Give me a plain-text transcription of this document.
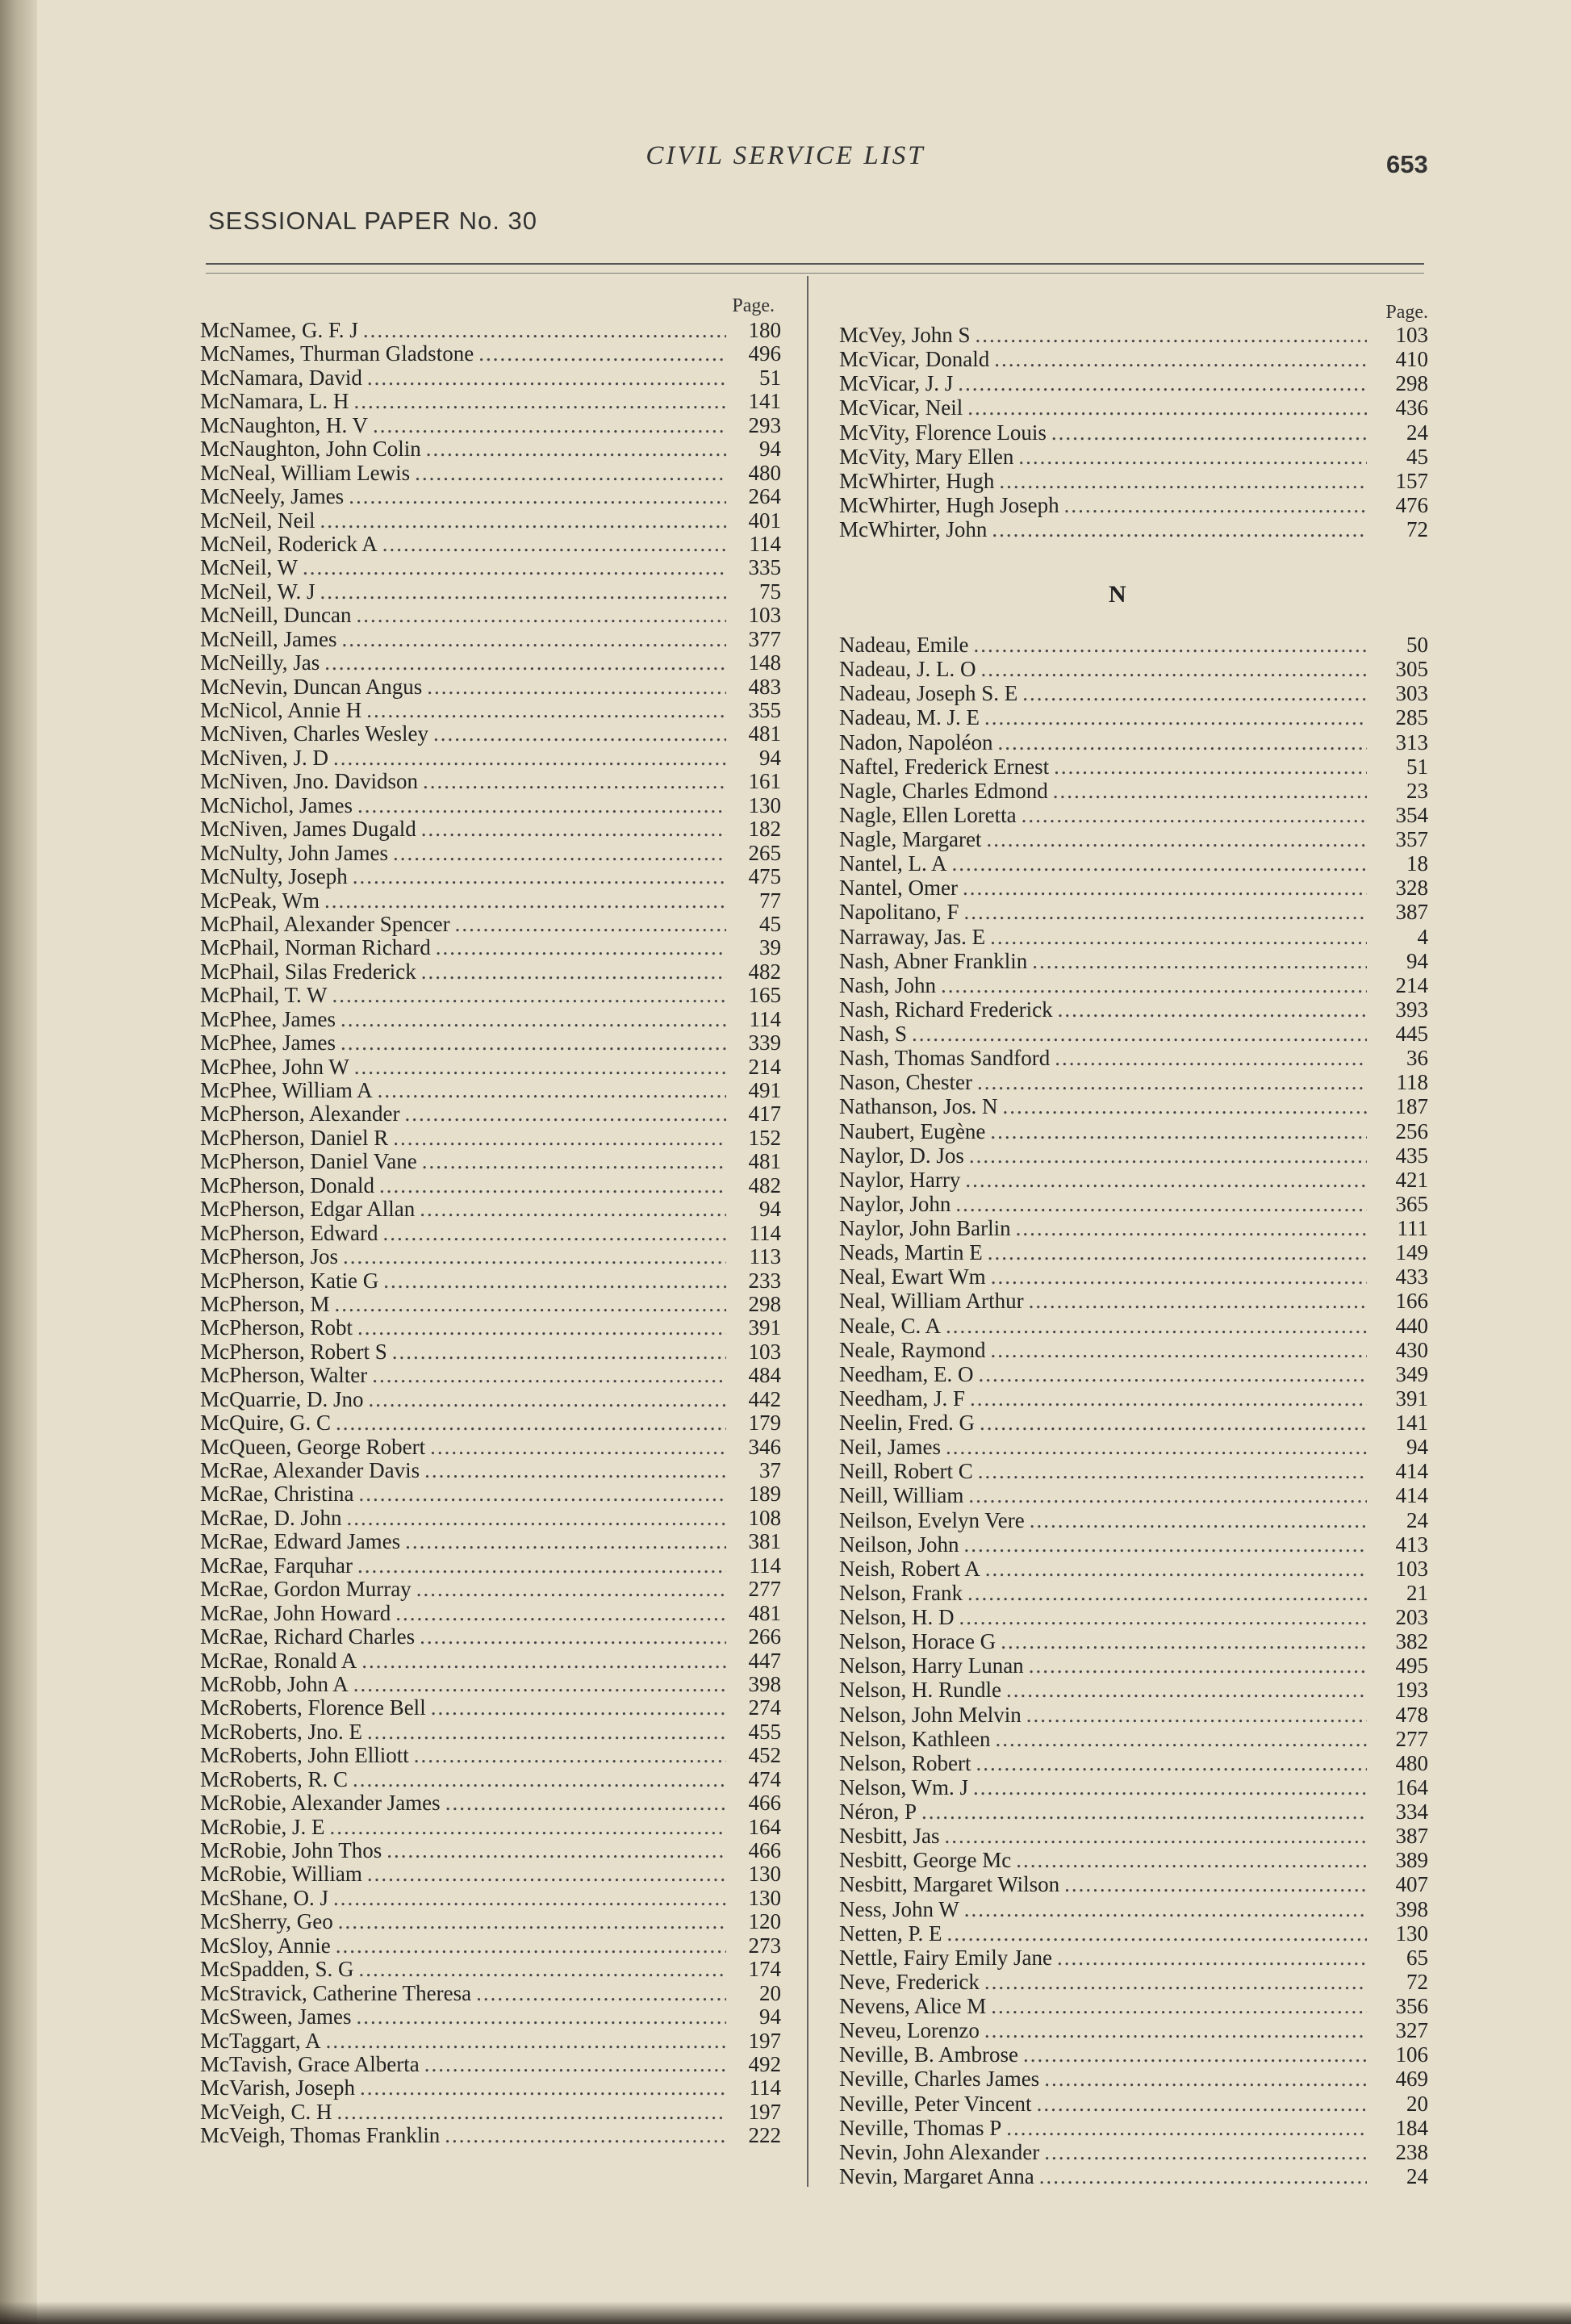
CIVIL SERVICE LIST	653
SESSIONAL PAPER No. 30
Page.	Page.
McNamee, G. F. J .....	180
McNames, Thurman Gladstone .....	496
McNamara, David .....	51
McNamara, L. H .....	141
McNaughton, H. V .....	293
McNaughton, John Colin .....	94
McNeal, William Lewis .....	480
McNeely, James .....	264
McNeil, Neil .....	401
McNeil, Roderick A .....	114
McNeil, W .....	335
McNeil, W. J .....	75
McNeill, Duncan .....	103
McNeill, James .....	377
McNeilly, Jas .....	148
McNevin, Duncan Angus .....	483
McNicol, Annie H .....	355
McNiven, Charles Wesley .....	481
McNiven, J. D .....	94
McNiven, Jno. Davidson .....	161
McNichol, James .....	130
McNiven, James Dugald .....	182
McNulty, John James .....	265
McNulty, Joseph .....	475
McPeak, Wm .....	77
McPhail, Alexander Spencer .....	45
McPhail, Norman Richard .....	39
McPhail, Silas Frederick .....	482
McPhail, T. W .....	165
McPhee, James .....	114
McPhee, James .....	339
McPhee, John W .....	214
McPhee, William A .....	491
McPherson, Alexander .....	417
McPherson, Daniel R .....	152
McPherson, Daniel Vane .....	481
McPherson, Donald .....	482
McPherson, Edgar Allan .....	94
McPherson, Edward .....	114
McPherson, Jos .....	113
McPherson, Katie G .....	233
McPherson, M .....	298
McPherson, Robt .....	391
McPherson, Robert S .....	103
McPherson, Walter .....	484
McQuarrie, D. Jno .....	442
McQuire, G. C .....	179
McQueen, George Robert .....	346
McRae, Alexander Davis .....	37
McRae, Christina .....	189
McRae, D. John .....	108
McRae, Edward James .....	381
McRae, Farquhar .....	114
McRae, Gordon Murray .....	277
McRae, John Howard .....	481
McRae, Richard Charles .....	266
McRae, Ronald A .....	447
McRobb, John A .....	398
McRoberts, Florence Bell .....	274
McRoberts, Jno. E .....	455
McRoberts, John Elliott .....	452
McRoberts, R. C .....	474
McRobie, Alexander James .....	466
McRobie, J. E .....	164
McRobie, John Thos .....	466
McRobie, William .....	130
McShane, O. J .....	130
McSherry, Geo .....	120
McSloy, Annie .....	273
McSpadden, S. G .....	174
McStravick, Catherine Theresa .....	20
McSween, James .....	94
McTaggart, A .....	197
McTavish, Grace Alberta .....	492
McVarish, Joseph .....	114
McVeigh, C. H .....	197
McVeigh, Thomas Franklin .....	222
McVey, John S .....	103
McVicar, Donald .....	410
McVicar, J. J .....	298
McVicar, Neil .....	436
McVity, Florence Louis .....	24
McVity, Mary Ellen .....	45
McWhirter, Hugh .....	157
McWhirter, Hugh Joseph .....	476
McWhirter, John .....	72
N
Nadeau, Emile .....	50
Nadeau, J. L. O .....	305
Nadeau, Joseph S. E .....	303
Nadeau, M. J. E .....	285
Nadon, Napoléon .....	313
Naftel, Frederick Ernest .....	51
Nagle, Charles Edmond .....	23
Nagle, Ellen Loretta .....	354
Nagle, Margaret .....	357
Nantel, L. A .....	18
Nantel, Omer .....	328
Napolitano, F .....	387
Narraway, Jas. E .....	4
Nash, Abner Franklin .....	94
Nash, John .....	214
Nash, Richard Frederick .....	393
Nash, S .....	445
Nash, Thomas Sandford .....	36
Nason, Chester .....	118
Nathanson, Jos. N .....	187
Naubert, Eugène .....	256
Naylor, D. Jos .....	435
Naylor, Harry .....	421
Naylor, John .....	365
Naylor, John Barlin .....	111
Neads, Martin E .....	149
Neal, Ewart Wm .....	433
Neal, William Arthur .....	166
Neale, C. A .....	440
Neale, Raymond .....	430
Needham, E. O .....	349
Needham, J. F .....	391
Neelin, Fred. G .....	141
Neil, James .....	94
Neill, Robert C .....	414
Neill, William .....	414
Neilson, Evelyn Vere .....	24
Neilson, John .....	413
Neish, Robert A .....	103
Nelson, Frank .....	21
Nelson, H. D .....	203
Nelson, Horace G .....	382
Nelson, Harry Lunan .....	495
Nelson, H. Rundle .....	193
Nelson, John Melvin .....	478
Nelson, Kathleen .....	277
Nelson, Robert .....	480
Nelson, Wm. J .....	164
Néron, P .....	334
Nesbitt, Jas .....	387
Nesbitt, George Mc .....	389
Nesbitt, Margaret Wilson .....	407
Ness, John W .....	398
Netten, P. E .....	130
Nettle, Fairy Emily Jane .....	65
Neve, Frederick .....	72
Nevens, Alice M .....	356
Neveu, Lorenzo .....	327
Neville, B. Ambrose .....	106
Neville, Charles James .....	469
Neville, Peter Vincent .....	20
Neville, Thomas P .....	184
Nevin, John Alexander .....	238
Nevin, Margaret Anna .....	24
